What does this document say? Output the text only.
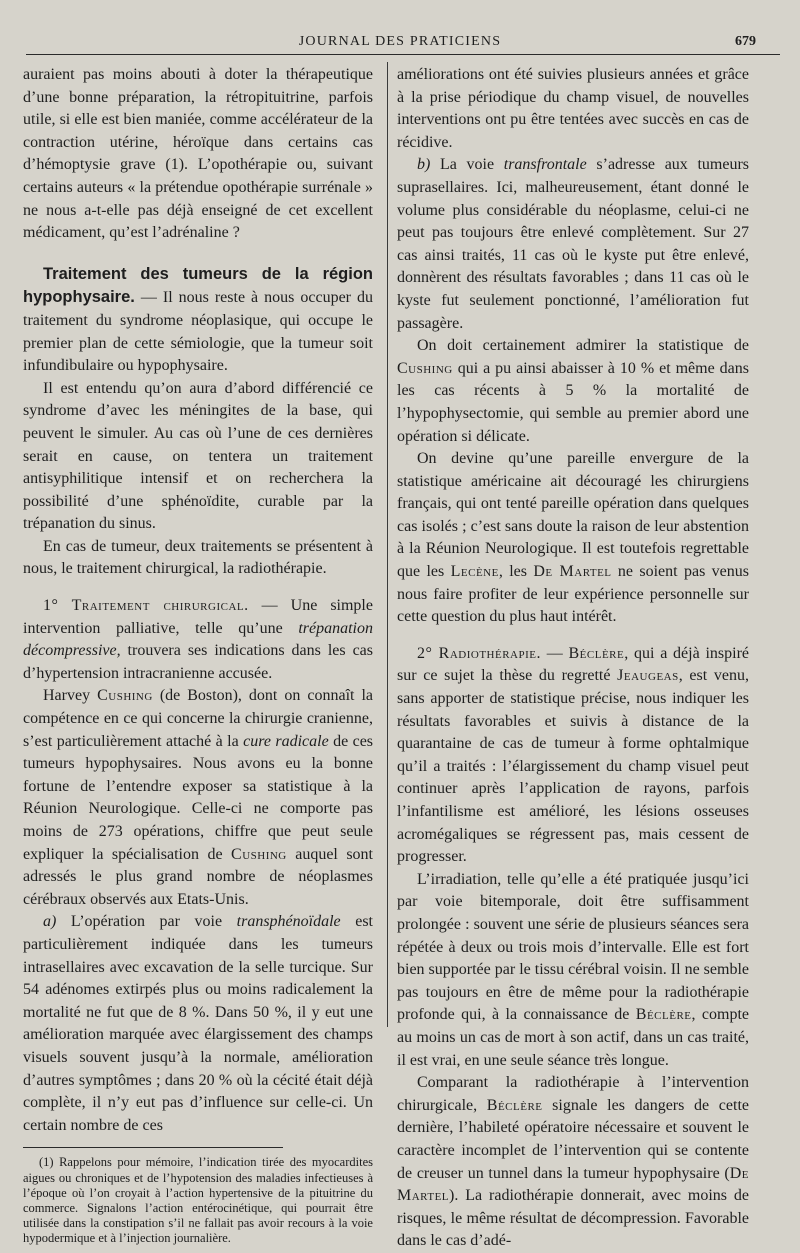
JOURNAL DES PRATICIENS	679

auraient pas moins abouti à doter la thérapeutique d’une bonne préparation, la rétropituitrine, parfois utile, si elle est bien maniée, comme accélérateur de la contraction utérine, héroïque dans certains cas d’hémoptysie grave (1). L’opothérapie ou, suivant certains auteurs « la prétendue opothérapie surrénale » ne nous a-t-elle pas déjà enseigné de cet excellent médicament, qu’est l’adrénaline ?

Traitement des tumeurs de la région hypophysaire. — Il nous reste à nous occuper du traitement du syndrome néoplasique, qui occupe le premier plan de cette sémiologie, que la tumeur soit infundibulaire ou hypophysaire.

Il est entendu qu’on aura d’abord différencié ce syndrome d’avec les méningites de la base, qui peuvent le simuler. Au cas où l’une de ces dernières serait en cause, on tentera un traitement antisyphilitique intensif et on recherchera la possibilité d’une sphénoïdite, curable par la trépanation du sinus.

En cas de tumeur, deux traitements se présentent à nous, le traitement chirurgical, la radiothérapie.

1° Traitement chirurgical. — Une simple intervention palliative, telle qu’une trépanation décompressive, trouvera ses indications dans les cas d’hypertension intracranienne accusée.

Harvey Cushing (de Boston), dont on connaît la compétence en ce qui concerne la chirurgie cranienne, s’est particulièrement attaché à la cure radicale de ces tumeurs hypophysaires. Nous avons eu la bonne fortune de l’entendre exposer sa statistique à la Réunion Neurologique. Celle-ci ne comporte pas moins de 273 opérations, chiffre que peut seule expliquer la spécialisation de Cushing auquel sont adressés le plus grand nombre de néoplasmes cérébraux observés aux Etats-Unis.

a) L’opération par voie transphénoïdale est particulièrement indiquée dans les tumeurs intrasellaires avec excavation de la selle turcique. Sur 54 adénomes extirpés plus ou moins radicalement la mortalité ne fut que de 8 %. Dans 50 %, il y eut une amélioration marquée avec élargissement des champs visuels souvent jusqu’à la normale, amélioration d’autres symptômes ; dans 20 % où la cécité était déjà complète, il n’y eut pas d’influence sur celle-ci. Un certain nombre de ces

(1) Rappelons pour mémoire, l’indication tirée des myocardites aigues ou chroniques et de l’hypotension des maladies infectieuses à l’époque où l’on croyait à l’action hypertensive de la pituitrine du commerce. Signalons l’action entérocinétique, qui pourrait être utilisée dans la constipation s’il ne fallait pas avoir recours à la voie hypodermique et à l’injection journalière.

améliorations ont été suivies plusieurs années et grâce à la prise périodique du champ visuel, de nouvelles interventions ont pu être tentées avec succès en cas de récidive.

b) La voie transfrontale s’adresse aux tumeurs suprasellaires. Ici, malheureusement, étant donné le volume plus considérable du néoplasme, celui-ci ne peut pas toujours être enlevé complètement. Sur 27 cas ainsi traités, 11 cas où le kyste put être enlevé, donnèrent des résultats favorables ; dans 11 cas où le kyste fut seulement ponctionné, l’amélioration fut passagère.

On doit certainement admirer la statistique de Cushing qui a pu ainsi abaisser à 10 % et même dans les cas récents à 5 % la mortalité de l’hypophysectomie, qui semble au premier abord une opération si délicate.

On devine qu’une pareille envergure de la statistique américaine ait découragé les chirurgiens français, qui ont tenté pareille opération dans quelques cas isolés ; c’est sans doute la raison de leur abstention à la Réunion Neurologique. Il est toutefois regrettable que les Lecène, les De Martel ne soient pas venus nous faire profiter de leur expérience personnelle sur cette question du plus haut intérêt.

2° Radiothérapie. — Béclère, qui a déjà inspiré sur ce sujet la thèse du regretté Jeaugeas, est venu, sans apporter de statistique précise, nous indiquer les résultats favorables et suivis à distance de la quarantaine de cas de tumeur à forme ophtalmique qu’il a traités : l’élargissement du champ visuel peut continuer après l’application de rayons, parfois l’infantilisme est amélioré, les lésions osseuses acromégaliques se régressent pas, mais cessent de progresser.

L’irradiation, telle qu’elle a été pratiquée jusqu’ici par voie bitemporale, doit être suffisamment prolongée : souvent une série de plusieurs séances sera répétée à deux ou trois mois d’intervalle. Elle est fort bien supportée par le tissu cérébral voisin. Il ne semble pas toujours en être de même pour la radiothérapie profonde qui, à la connaissance de Béclère, compte au moins un cas de mort à son actif, dans un cas traité, il est vrai, en une seule séance très longue.

Comparant la radiothérapie à l’intervention chirurgicale, Béclère signale les dangers de cette dernière, l’habileté opératoire nécessaire et souvent le caractère incomplet de l’intervention qui se contente de creuser un tunnel dans la tumeur hypophysaire (De Martel). La radiothérapie donnerait, avec moins de risques, le même résultat de décompression. Favorable dans le cas d’adé-
